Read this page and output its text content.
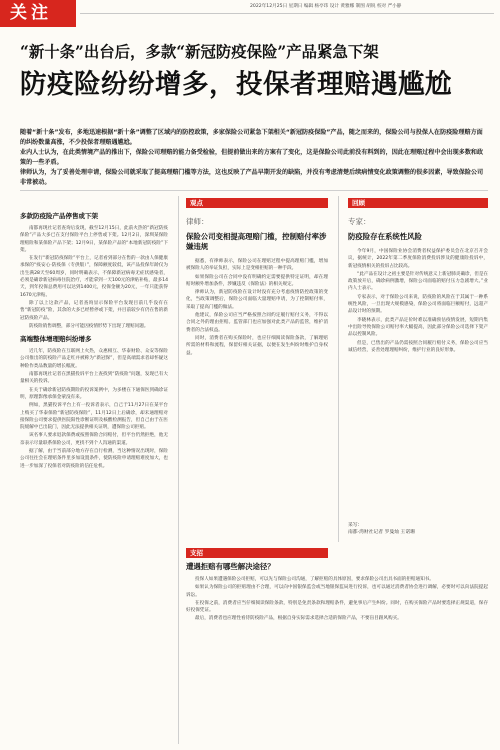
关注	2022年12月25日 星期日 编辑 杨亭玮 设计 黄雅娜 制图 胡锐 校对 严小静
“新十条”出台后，多款“新冠防疫保险”产品紧急下架
防疫险纷纷增多，投保者理赔遇尴尬

随着“新十条”发布，多地迅速根据“新十条”调整了区域内的防控政策，多家保险公司紧急下架相关“新冠防疫保险”产品，随之而来的，保险公司与投保人在防疫险理赔方面的纠纷数量高涨，不少投保者理赔遇尴尬。

业内人士认为，在此类情境产品的推出下，保险公司理赔的能力备受检验，但提前做出来的方案有了变化，这是保险公司此前没有料到的，因此在理赔过程中会出现多数和政策的一些矛盾。

律师认为，为了妥善处理申请，保险公司就采取了提高理赔门槛等方法，这也反映了产品早期开发的缺陷，并没有考虑清楚后续病情变化政策调整的很多因素，导致保险公司非常被动。

多款防疫险产品停售或下架

南都再现社记者查询后发现，截至12月15日，此前火热的“新冠防疫保险”产品大多已在支付保险平台上停售或下架。12月2日，深圳某保险理赔险和某保险产品下架；12月9日，某保险产品的“本地新冠防疫险”下架。

在发行“新冠防疫保险”平台上，记者看到部分在售的一款由人保健康承保的“疫安心·防疫保（专供版）”，保障额度较低，该产品投保年龄仅为出生满28天至60周岁，同时明确表示，不保障新冠病毒无症状感染者，必须是确诊新冠病毒住院治疗，才能拿到一天100元的津贴补贴，最多14天，到年投保总费用可以达到1400元，投保金额为20元，一年只能获得1670元津贴。

除了以上这款产品，记者查询显示保险平台发现目前几乎没有在售“新冠防疫”险，其余的大多已经暂停或下架，并目前较少有仍在售的新冠防疫险产品。

防疫险销售调整，部分可能因疫情形势下出现了理赔问题。

高端整体增理赔纠纷增多

近几年，防疫险在互联网上火热，众惠相互、华泰财险、众安等保险公司推出的防疫险产品走红并被称为“新冠保”，但是高端需求者却怀疑这种险作类品数量的增长幅度。

南都再现社记者在黑猫投诉平台上查找到“防疫险”问题，发现已有大量相关的投诉。

在关于确诊新冠防疫期险的投诉案例中，为多楼在下通保医到确诊证明，原理影像承保金蒙没有来。

例如，黑猫投诉平台上有一投诉者表示，自己于11月27日在某平台上购买了华泰保险“新冠防疫保险”，11月12日上后确诊，却未通理赔对接保险公司要求提供医院阳性诊断证明及核酸检测报告，但自己由于在医院缓解中已出院门，因此无法提供相关证明，遭保险公司拒赔。

该名事人要求退款保费或按照保险合同赔付，但平台仍然拒绝，他无奈表示尽量联系保险公司，更找不到个人沟通的渠道。

据了解，由于当前部分地方存在自行检测，当这种情况出现时，保险公司往往会在理赔条件里多加设置条件，使防疫险申请理赔难度加大，也进一步加深了投保者对防疫险的信任危机。

观点
律师：
保险公司变相提高理赔门槛，控制赔付率涉嫌违规

据悉，有律师表示，保险公司在理赔过程中提高理赔门槛，增加被保险人的举证负担，实际上是变相拒赔的一种手段。

如果保险公司在合同中没有明确约定需要提供特定证明，却在理赔时额外增加条件，涉嫌违反《保险法》的相关规定。

律师认为，新冠防疫险在设计时没有充分考虑疫情防控政策的变化，当政策调整后，保险公司面临大量理赔申请，为了控制赔付率，采取了提高门槛的做法。

他建议，保险公司应当严格按照合同约定履行赔付义务，不得以合同之外的理由拒赔。监管部门也应加强对此类产品的监管，维护消费者的合法权益。

同时，消费者在购买保险时，也应仔细阅读保险条款，了解理赔所需的材料和流程，保留好相关证据，以便在发生纠纷时维护自身权益。

回顾
专家：
防疫险存在系统性风险

今年9月，中国保险业协会消费者权益保护委员会在北京召开会议，据统计，2022年第二季度保险消费投诉涉及的健康险投诉中，新冠疫情相关的投诉占比较高。

“此产品在设计之初主要是针对传统意义上新冠肺炎确诊，但是在政策放开后，确诊病例激增，保险公司面临的赔付压力急剧增大。”业内人士表示。

专家表示，对于保险公司来说，防疫险的风险在于其属于一种系统性风险，一旦出现大规模感染，保险公司将面临巨额赔付，远超产品设计时的预期。

李晓林表示，此类产品定价时难以准确预估疫情发展，短期内集中出险导致保险公司赔付率大幅提高，因此部分保险公司选择下架产品以控制风险。

但是，已售出的产品仍需按照合同履行赔付义务，保险公司应当诚信经营，妥善处理理赔纠纷，维护行业的良好形象。

采写：
南都·湾财社记者 罗曼灿 王诺珊
支招
遭遇拒赔有哪些解决途径？

投保人如果遭遇保险公司拒赔，可以先与保险公司沟通，了解拒赔的具体原因，要求保险公司出具书面的拒赔通知书。

如果认为保险公司的拒赔理由不合理，可以向中国银保监会或当地银保监局进行投诉，也可以通过消费者协会进行调解，必要时可以向法院提起诉讼。

在投保之前，消费者应当仔细阅读保险条款，特别是免责条款和理赔条件，避免事后产生纠纷。同时，在购买保险产品时要选择正规渠道，保存好投保凭证。

最后，消费者也应理性看待防疫险产品，根据自身实际需求选择合适的保险产品，不要盲目跟风购买。
